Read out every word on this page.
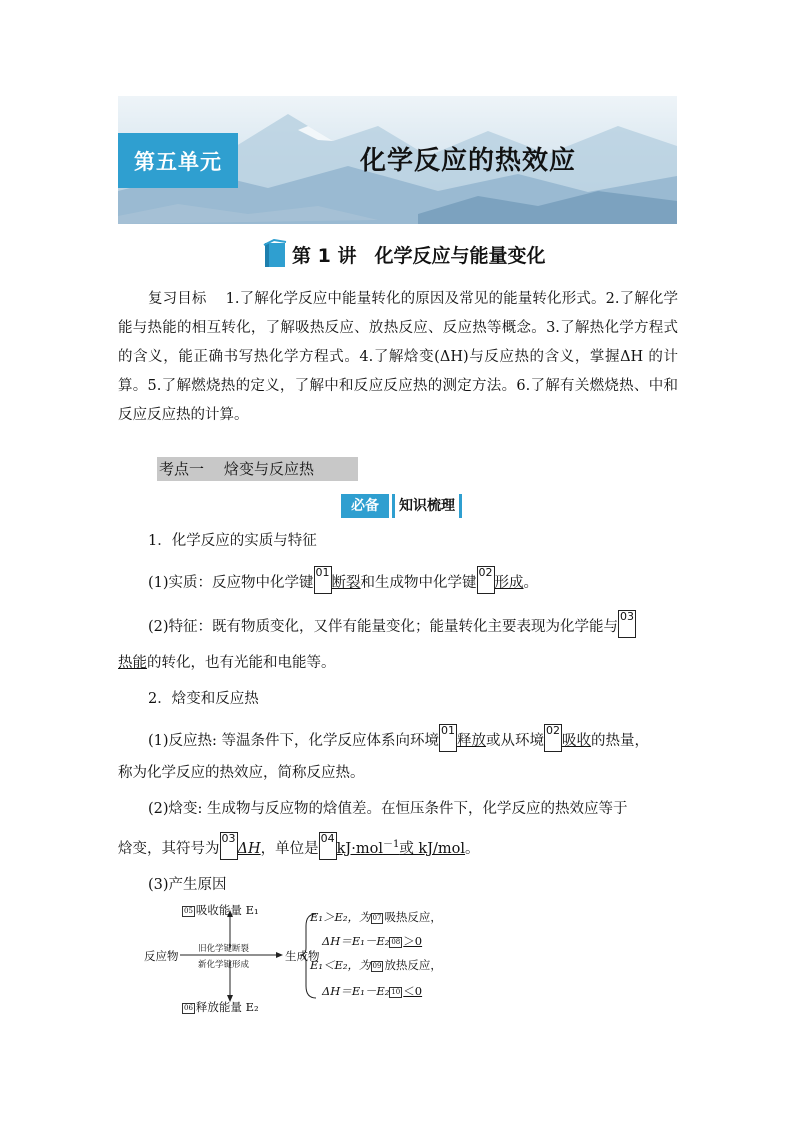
第五单元	化学反应的热效应
第 1 讲 化学反应与能量变化
复习目标 1.了解化学反应中能量转化的原因及常见的能量转化形式。2.了解化学能与热能的相互转化，了解吸热反应、放热反应、反应热等概念。3.了解热化学方程式的含义，能正确书写热化学方程式。4.了解焓变(ΔH)与反应热的含义，掌握ΔH 的计算。5.了解燃烧热的定义，了解中和反应反应热的测定方法。6.了解有关燃烧热、中和反应反应热的计算。
考点一 焓变与反应热
必备	知识梳理
1．化学反应的实质与特征
(1)实质：反应物中化学键01断裂和生成物中化学键02形成。
(2)特征：既有物质变化，又伴有能量变化；能量转化主要表现为化学能与03
热能的转化，也有光能和电能等。
2．焓变和反应热
(1)反应热: 等温条件下，化学反应体系向环境01释放或从环境02吸收的热量，
称为化学反应的热效应，简称反应热。
(2)焓变: 生成物与反应物的焓值差。在恒压条件下，化学反应的热效应等于
焓变，其符号为03ΔH，单位是04kJ·mol$^{-1}$或 kJ/mol。
(3)产生原因
05 吸收能量 E₁
反应物 旧化学键断裂
新化学键形成
生成物
06 释放能量 E₂
E₁＞E₂，为 07 吸热反应，
ΔH＝E₁－E₂ 08 ＞0
E₁＜E₂，为 09 放热反应，
ΔH＝E₁－E₂ 10 ＜0
